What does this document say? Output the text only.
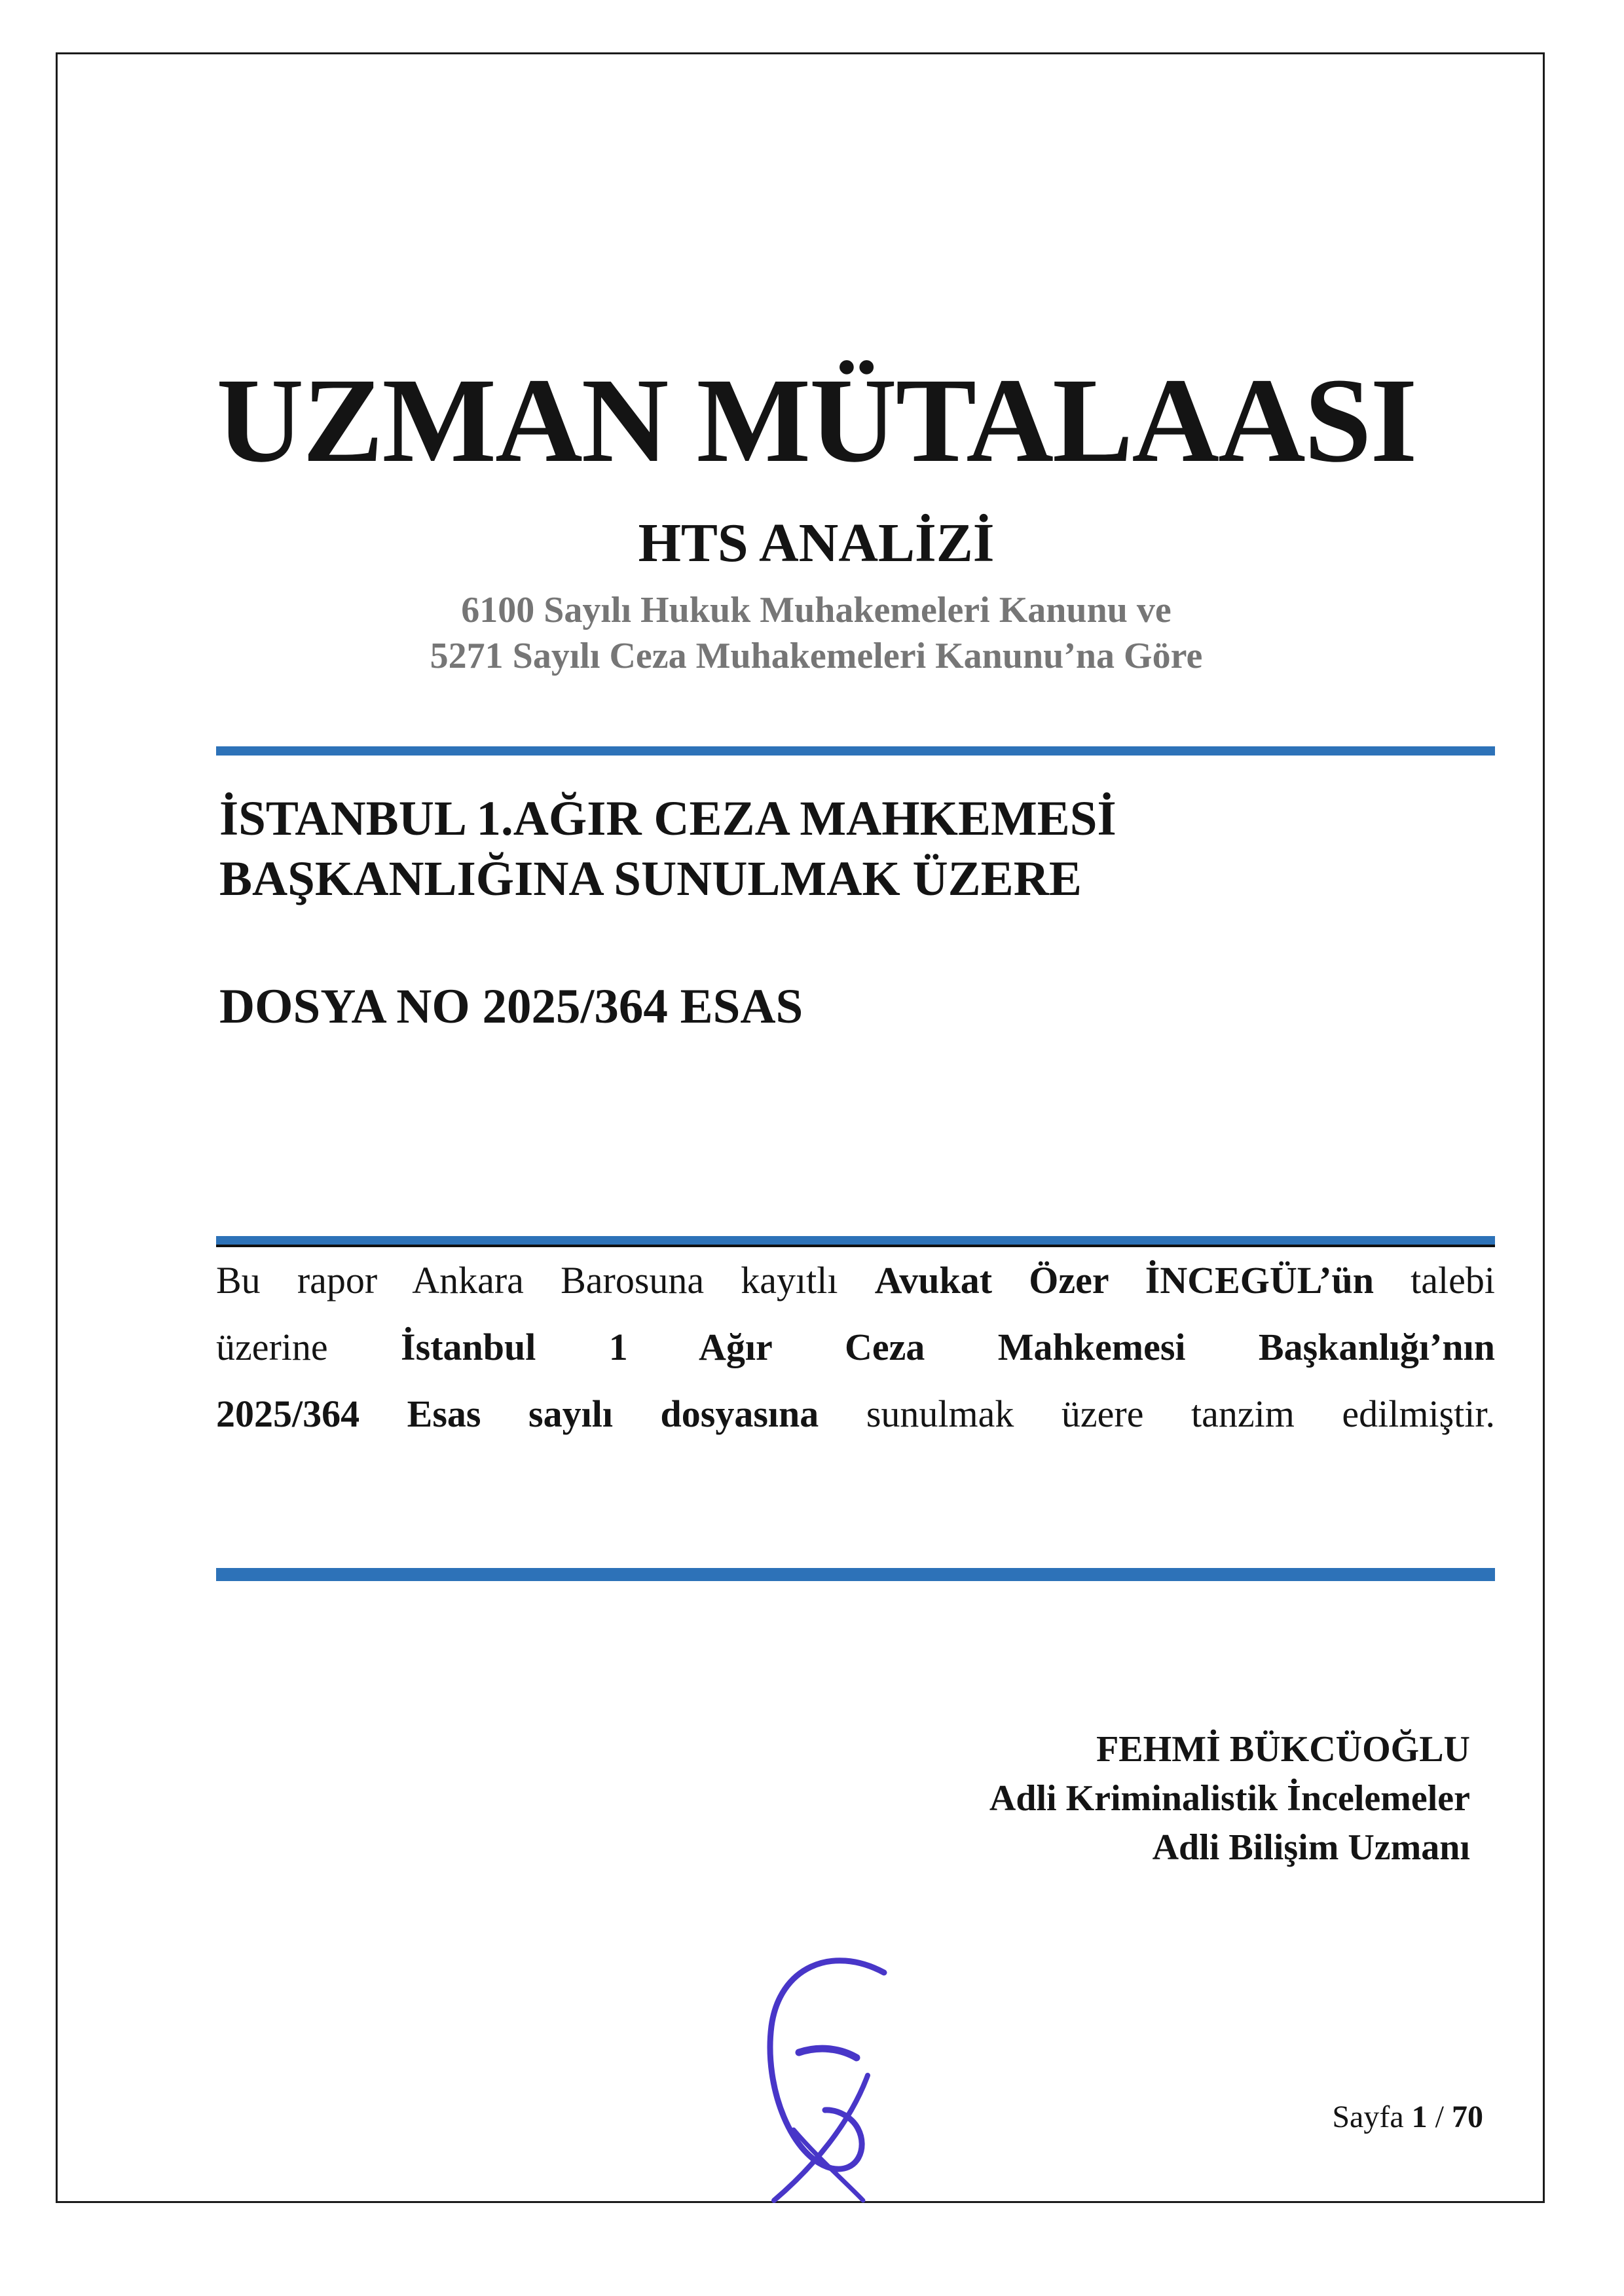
UZMAN MÜTALAASI
HTS ANALİZİ
6100 Sayılı Hukuk Muhakemeleri Kanunu ve
5271 Sayılı Ceza Muhakemeleri Kanunu’na Göre
İSTANBUL 1.AĞIR CEZA MAHKEMESİ
BAŞKANLIĞINA SUNULMAK ÜZERE
DOSYA NO 2025/364 ESAS
Bu rapor Ankara Barosuna kayıtlı Avukat Özer İNCEGÜL’ün talebi
üzerine İstanbul 1 Ağır Ceza Mahkemesi Başkanlığı’nın
2025/364 Esas sayılı dosyasına sunulmak üzere tanzim edilmiştir.
FEHMİ BÜKCÜOĞLU
Adli Kriminalistik İncelemeler
Adli Bilişim Uzmanı
Sayfa 1 / 70
